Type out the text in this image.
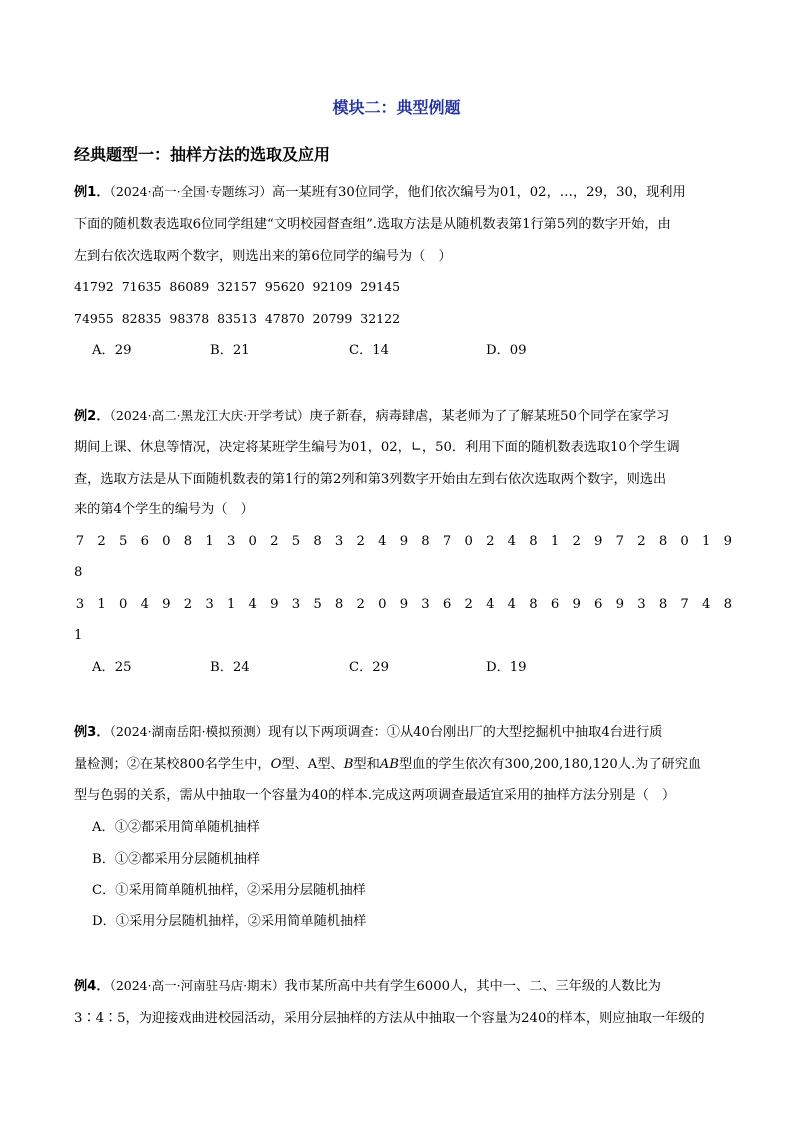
模块二：典型例题
经典题型一：抽样方法的选取及应用
例1．（2024·高一·全国·专题练习）高一某班有30位同学，他们依次编号为01，02，…，29，30，现利用
下面的随机数表选取6位同学组建“文明校园督查组”.选取方法是从随机数表第1行第5列的数字开始，由
左到右依次选取两个数字，则选出来的第6位同学的编号为（　）
41792  71635  86089  32157  95620  92109  29145
74955  82835  98378  83513  47870  20799  32122
A．29	B．21	C．14	D．09
例2．（2024·高二·黑龙江大庆·开学考试）庚子新春，病毒肆虐，某老师为了了解某班50个同学在家学习
期间上课、休息等情况，决定将某班学生编号为01，02，∟，50．利用下面的随机数表选取10个学生调
查，选取方法是从下面随机数表的第1行的第2列和第3列数字开始由左到右依次选取两个数字，则选出
来的第4个学生的编号为（　）
7 2 5 6 0 8 1 3 0 2 5 8 3 2 4 9 8 7 0 2 4 8 1 2 9 7 2 8 0 1 9
8
3 1 0 4 9 2 3 1 4 9 3 5 8 2 0 9 3 6 2 4 4 8 6 9 6 9 3 8 7 4 8
1
A．25	B．24	C．29	D．19
例3．（2024·湖南岳阳·模拟预测）现有以下两项调查：①从40台刚出厂的大型挖掘机中抽取4台进行质
量检测；②在某校800名学生中，O型、A型、B型和AB型血的学生依次有300,200,180,120人.为了研究血
型与色弱的关系，需从中抽取一个容量为40的样本.完成这两项调查最适宜采用的抽样方法分别是（　）
A．①②都采用简单随机抽样
B．①②都采用分层随机抽样
C．①采用简单随机抽样，②采用分层随机抽样
D．①采用分层随机抽样，②采用简单随机抽样
例4．（2024·高一·河南驻马店·期末）我市某所高中共有学生6000人，其中一、二、三年级的人数比为
3∶4∶5，为迎接戏曲进校园活动，采用分层抽样的方法从中抽取一个容量为240的样本，则应抽取一年级的
